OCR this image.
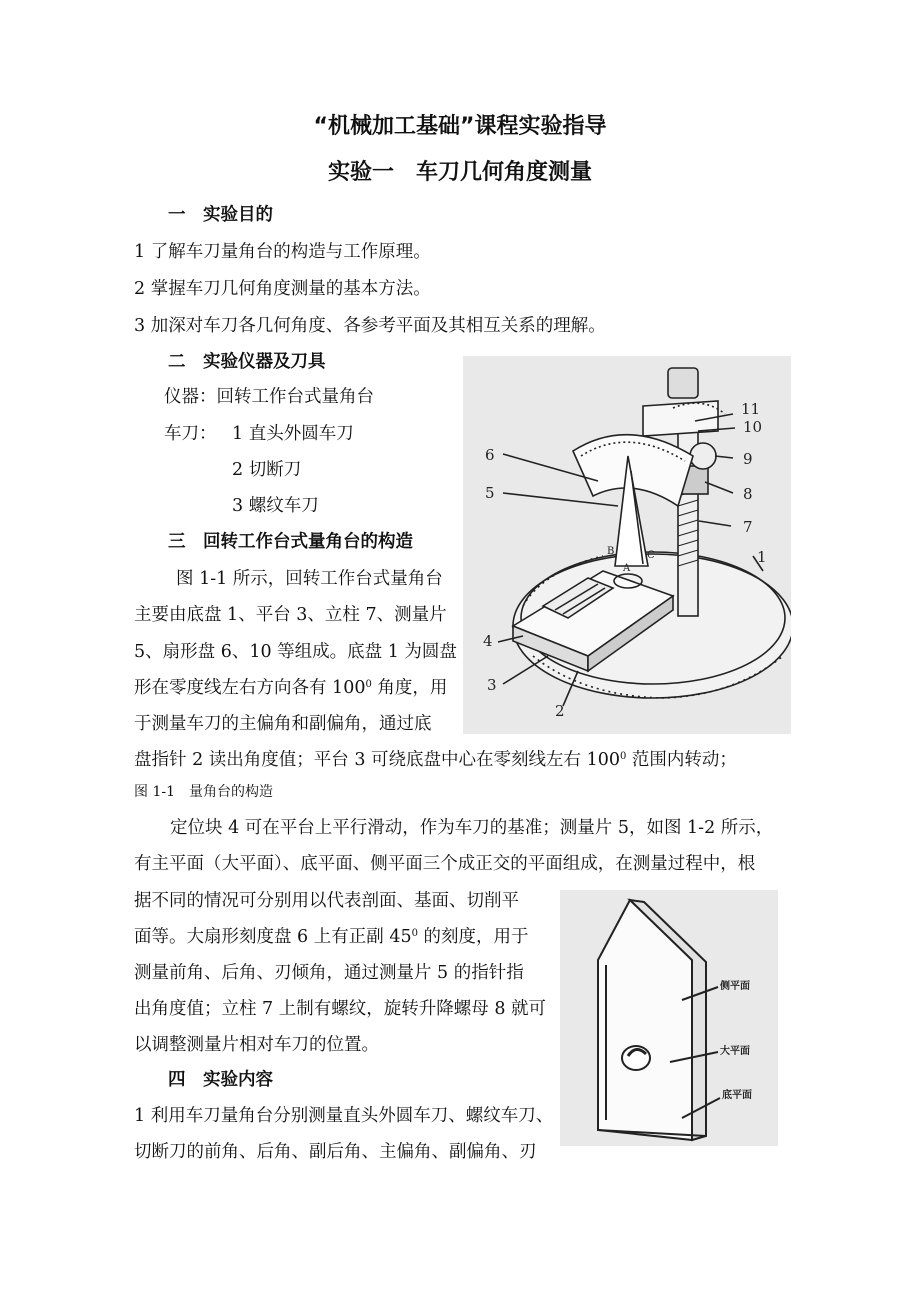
“机械加工基础”课程实验指导
实验一　车刀几何角度测量
一　实验目的
1 了解车刀量角台的构造与工作原理。
2 掌握车刀几何角度测量的基本方法。
3 加深对车刀各几何角度、各参考平面及其相互关系的理解。
二　实验仪器及刀具
仪器：回转工作台式量角台
车刀： 1 直头外圆车刀
2 切断刀
3 螺纹车刀
三　回转工作台式量角台的构造
图 1-1 所示，回转工作台式量角台
主要由底盘 1、平台 3、立柱 7、测量片
5、扇形盘 6、10 等组成。底盘 1 为圆盘
形在零度线左右方向各有 $100^0$ 角度，用
于测量车刀的主偏角和副偏角，通过底
盘指针 2 读出角度值；平台 3 可绕底盘中心在零刻线左右 $100^0$ 范围内转动；
图 1-1　量角台的构造
定位块 4 可在平台上平行滑动，作为车刀的基准；测量片 5，如图 1-2 所示，
有主平面（大平面）、底平面、侧平面三个成正交的平面组成，在测量过程中，根
据不同的情况可分别用以代表剖面、基面、切削平
面等。大扇形刻度盘 6 上有正副 $45^0$ 的刻度，用于
测量前角、后角、刃倾角，通过测量片 5 的指针指
出角度值；立柱 7 上制有螺纹，旋转升降螺母 8 就可
以调整测量片相对车刀的位置。
四　实验内容
1 利用车刀量角台分别测量直头外圆车刀、螺纹车刀、
切断刀的前角、后角、副后角、主偏角、副偏角、刃
11
10
9
8
7
6
5
4
3
2
1
B
A
C
侧平面
大平面
底平面
